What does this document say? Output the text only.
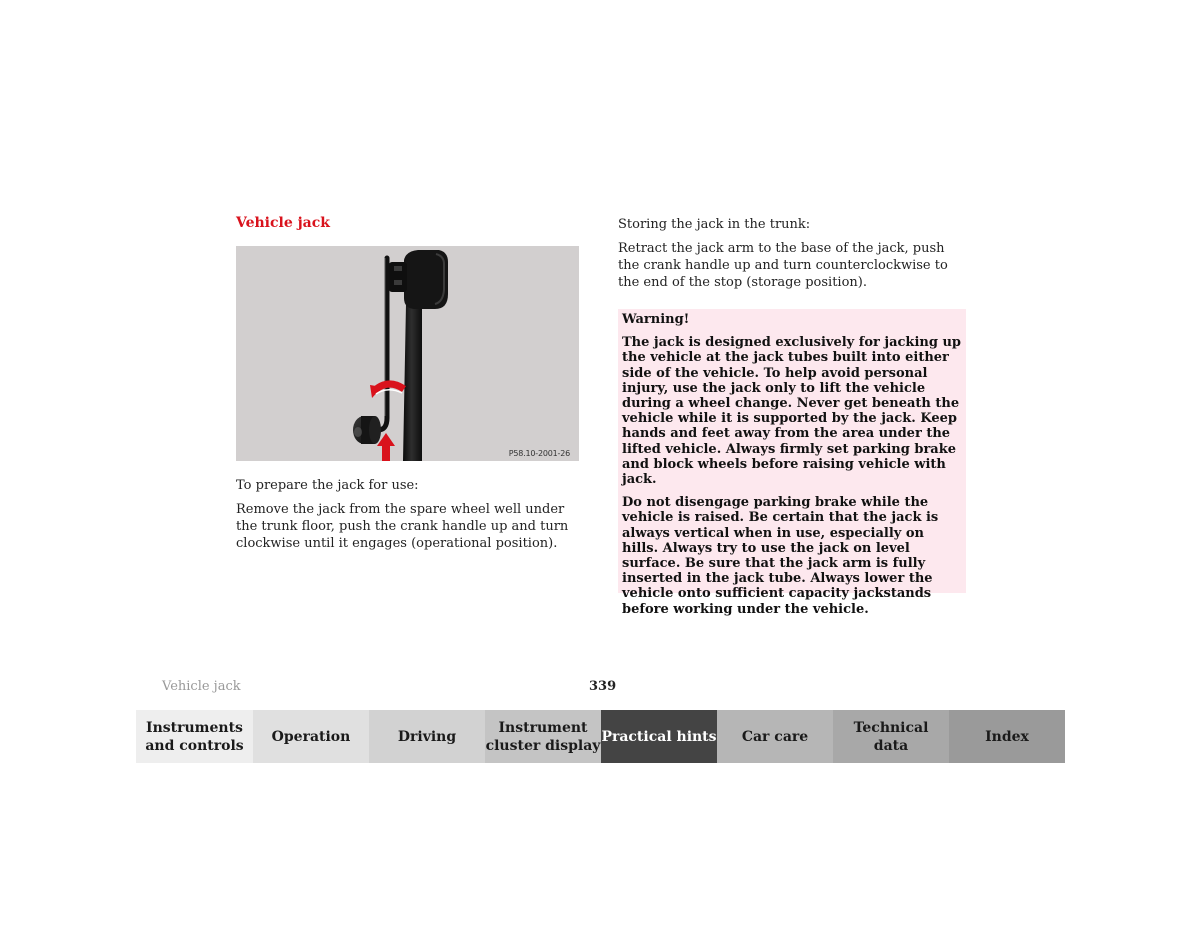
Vehicle jack
P58.10-2001-26

To prepare the jack for use:

Remove the jack from the spare wheel well under the trunk floor, push the crank handle up and turn clockwise until it engages (operational position).

Storing the jack in the trunk:

Retract the jack arm to the base of the jack, push the crank handle up and turn counterclockwise to the end of the stop (storage position).

Warning!

The jack is designed exclusively for jacking up the vehicle at the jack tubes built into either side of the vehicle. To help avoid personal injury, use the jack only to lift the vehicle during a wheel change. Never get beneath the vehicle while it is supported by the jack. Keep hands and feet away from the area under the lifted vehicle. Always firmly set parking brake and block wheels before raising vehicle with jack.

Do not disengage parking brake while the vehicle is raised. Be certain that the jack is always vertical when in use, especially on hills. Always try to use the jack on level surface. Be sure that the jack arm is fully inserted in the jack tube. Always lower the vehicle onto sufficient capacity jackstands before working under the vehicle.

Vehicle jack	339

Instruments
and controls
Operation	Driving
Instrument
cluster display
Practical hints	Car care
Technical
data
Index
